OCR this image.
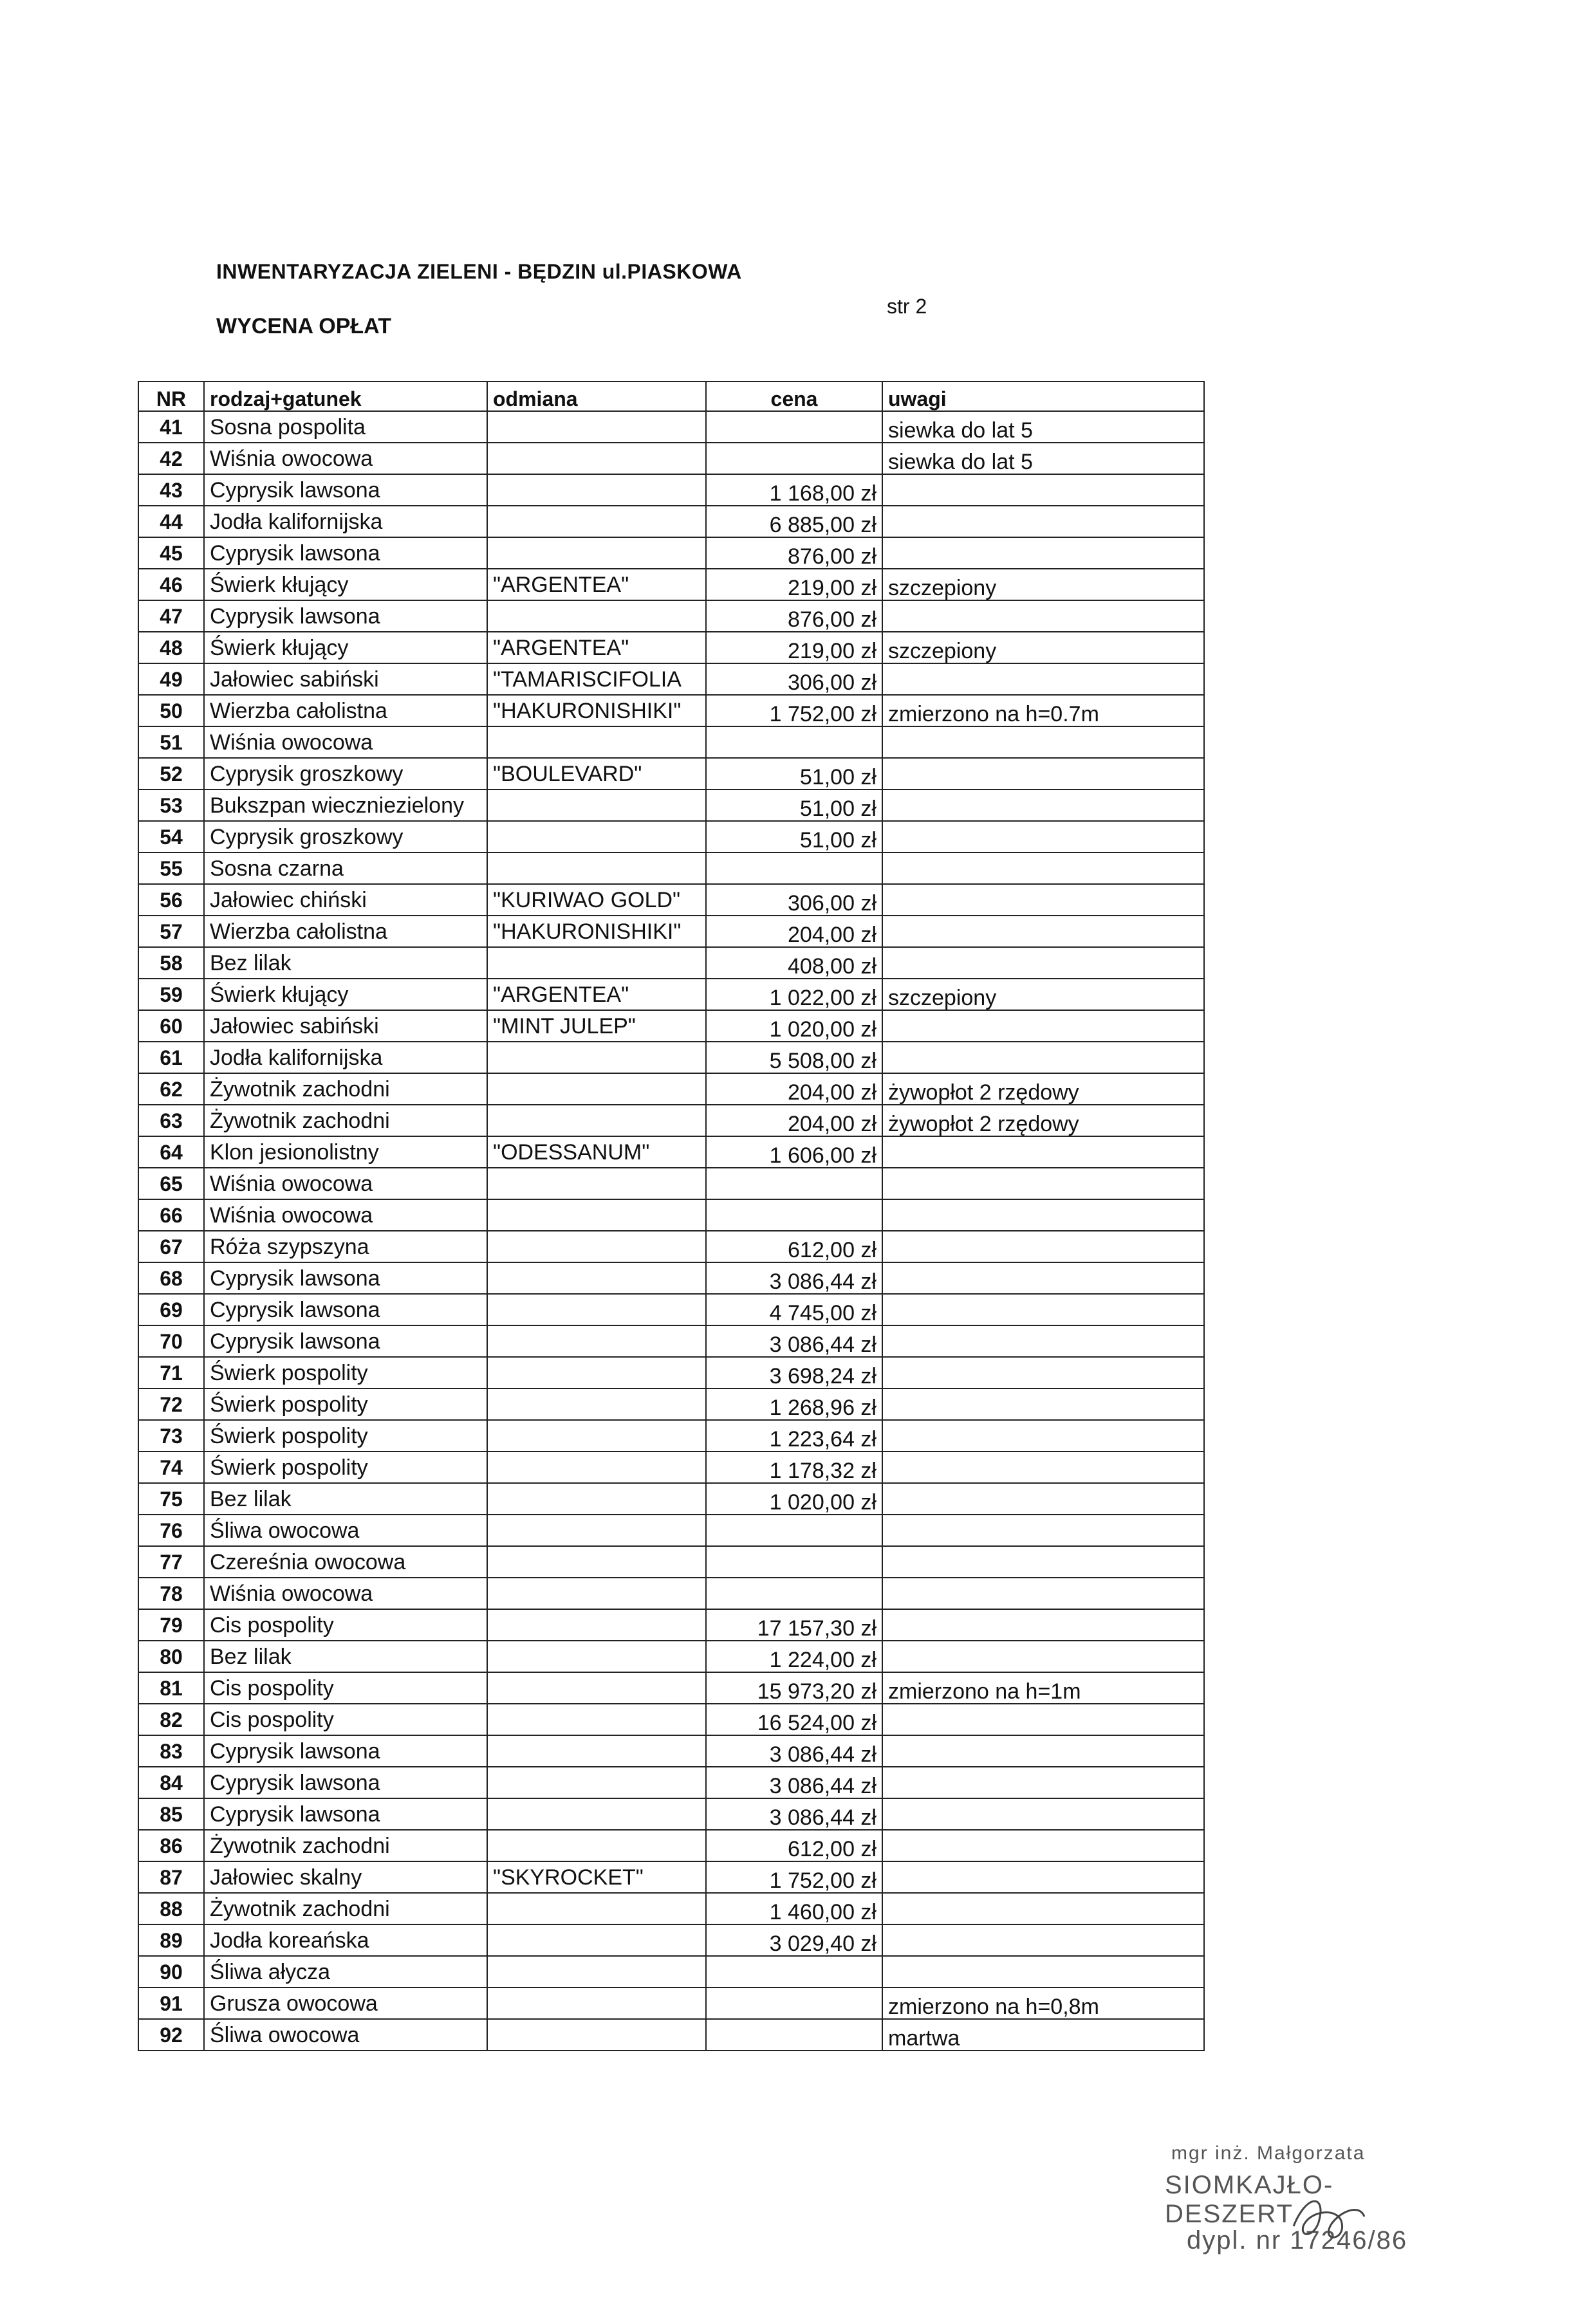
INWENTARYZACJA ZIELENI - BĘDZIN ul.PIASKOWA
str 2
WYCENA OPŁAT
NR	rodzaj+gatunek	odmiana	cena	uwagi
41	Sosna pospolita			siewka do lat 5
42	Wiśnia owocowa			siewka do lat 5
43	Cyprysik lawsona		1 168,00 zł	
44	Jodła kalifornijska		6 885,00 zł	
45	Cyprysik lawsona		876,00 zł	
46	Świerk kłujący	"ARGENTEA"	219,00 zł	szczepiony
47	Cyprysik lawsona		876,00 zł	
48	Świerk kłujący	"ARGENTEA"	219,00 zł	szczepiony
49	Jałowiec sabiński	"TAMARISCIFOLIA	306,00 zł	
50	Wierzba całolistna	"HAKURONISHIKI"	1 752,00 zł	zmierzono na h=0.7m
51	Wiśnia owocowa			
52	Cyprysik groszkowy	"BOULEVARD"	51,00 zł	
53	Bukszpan wieczniezielony		51,00 zł	
54	Cyprysik groszkowy		51,00 zł	
55	Sosna czarna			
56	Jałowiec chiński	"KURIWAO GOLD"	306,00 zł	
57	Wierzba całolistna	"HAKURONISHIKI"	204,00 zł	
58	Bez lilak		408,00 zł	
59	Świerk kłujący	"ARGENTEA"	1 022,00 zł	szczepiony
60	Jałowiec sabiński	"MINT JULEP"	1 020,00 zł	
61	Jodła kalifornijska		5 508,00 zł	
62	Żywotnik zachodni		204,00 zł	żywopłot 2 rzędowy
63	Żywotnik zachodni		204,00 zł	żywopłot 2 rzędowy
64	Klon jesionolistny	"ODESSANUM"	1 606,00 zł	
65	Wiśnia owocowa			
66	Wiśnia owocowa			
67	Róża szypszyna		612,00 zł	
68	Cyprysik lawsona		3 086,44 zł	
69	Cyprysik lawsona		4 745,00 zł	
70	Cyprysik lawsona		3 086,44 zł	
71	Świerk pospolity		3 698,24 zł	
72	Świerk pospolity		1 268,96 zł	
73	Świerk pospolity		1 223,64 zł	
74	Świerk pospolity		1 178,32 zł	
75	Bez lilak		1 020,00 zł	
76	Śliwa owocowa			
77	Czereśnia owocowa			
78	Wiśnia owocowa			
79	Cis pospolity		17 157,30 zł	
80	Bez lilak		1 224,00 zł	
81	Cis pospolity		15 973,20 zł	zmierzono na h=1m
82	Cis pospolity		16 524,00 zł	
83	Cyprysik lawsona		3 086,44 zł	
84	Cyprysik lawsona		3 086,44 zł	
85	Cyprysik lawsona		3 086,44 zł	
86	Żywotnik zachodni		612,00 zł	
87	Jałowiec skalny	"SKYROCKET"	1 752,00 zł	
88	Żywotnik zachodni		1 460,00 zł	
89	Jodła koreańska		3 029,40 zł	
90	Śliwa ałycza			
91	Grusza owocowa			zmierzono na h=0,8m
92	Śliwa owocowa			martwa
mgr inż. Małgorzata
SIOMKAJŁO-DESZERT
dypl. nr 17246/86
